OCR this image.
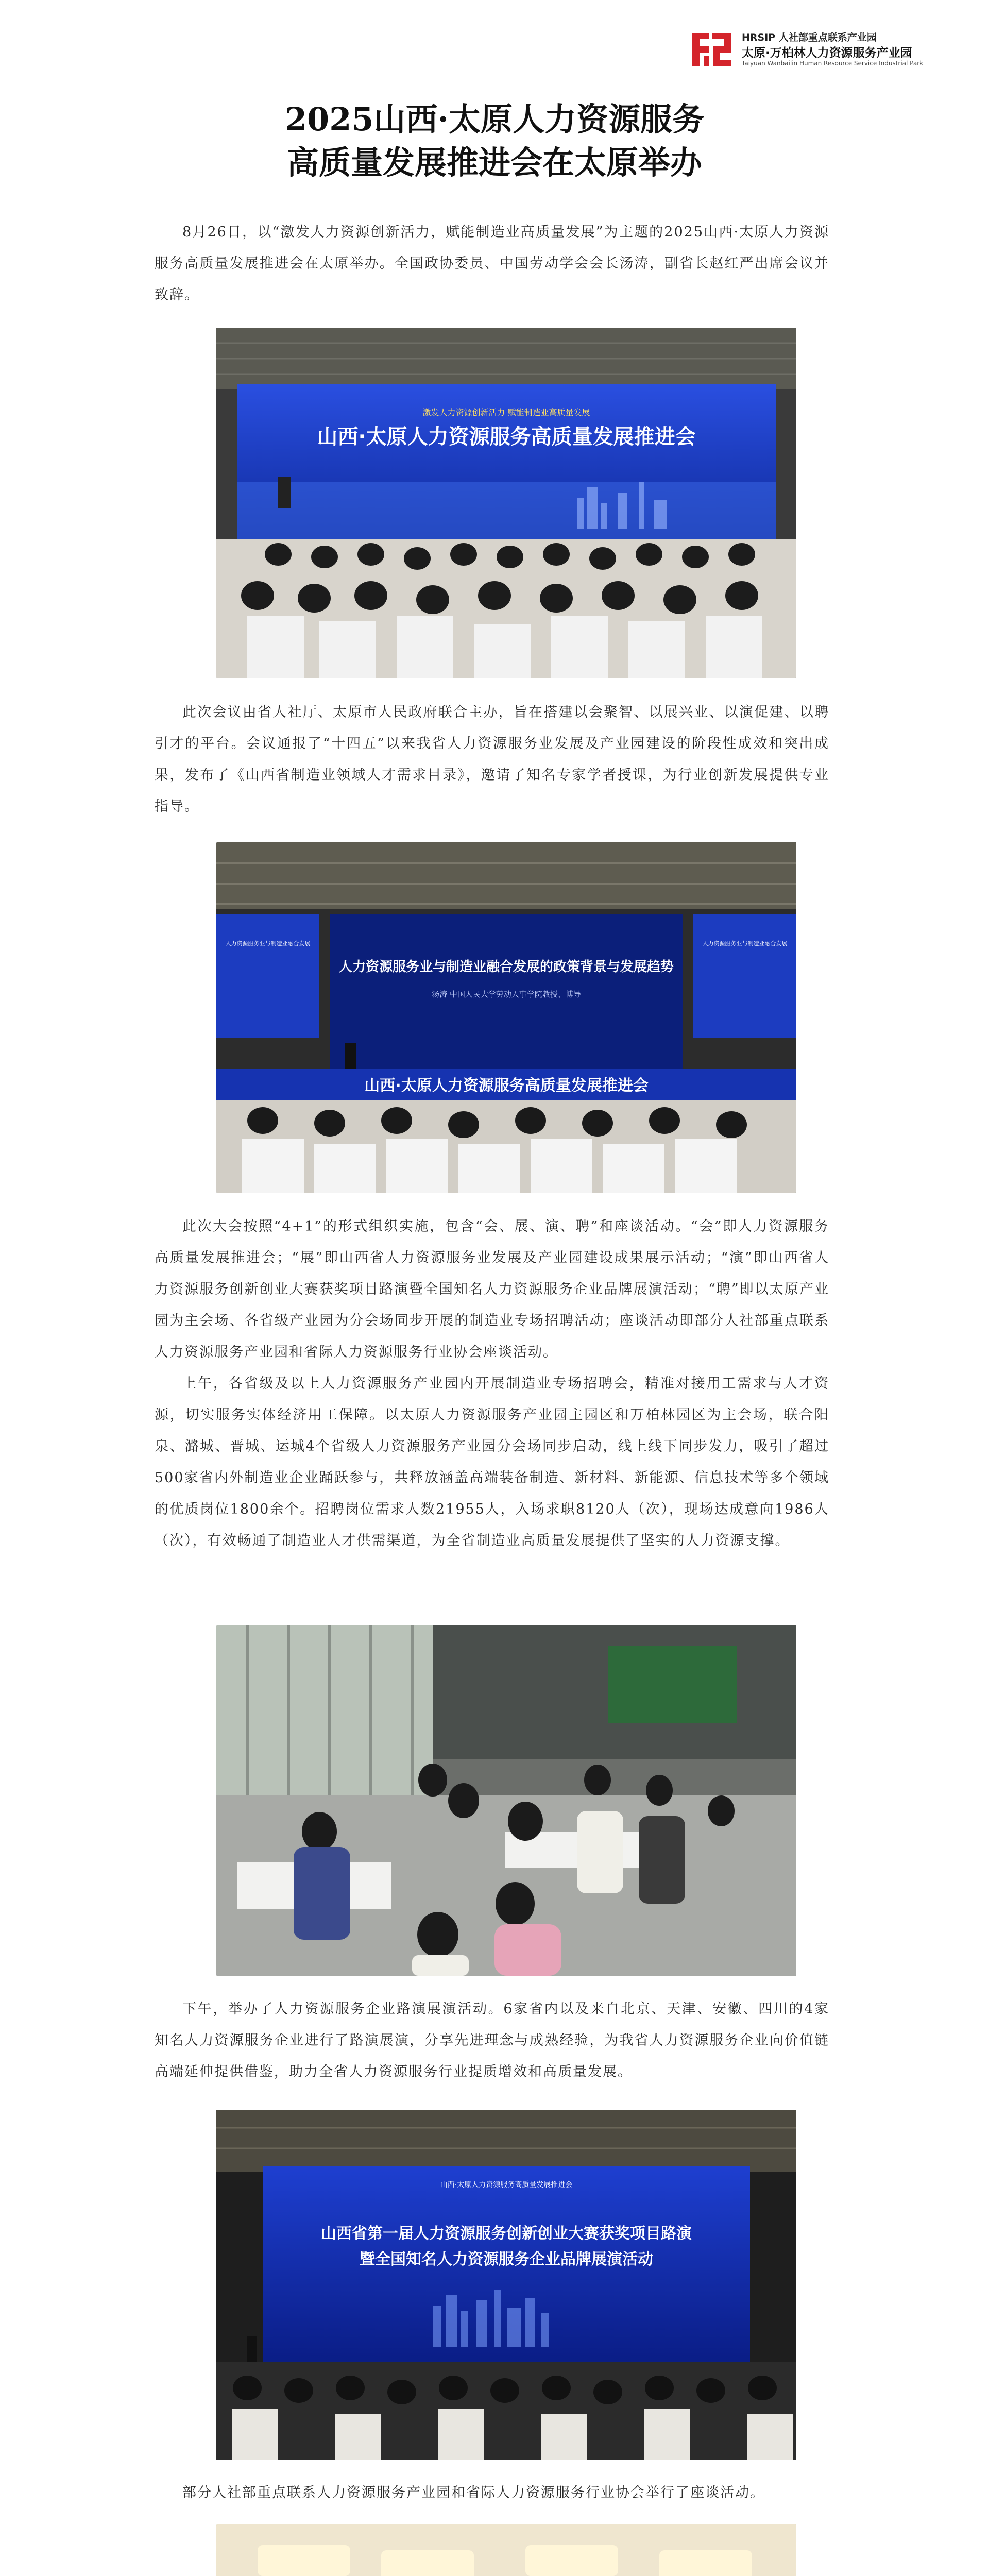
HRSIP 人社部重点联系产业园
太原·万柏林人力资源服务产业园
Taiyuan Wanbailin Human Resource Service Industrial Park
2025山西·太原人力资源服务
高质量发展推进会在太原举办

8月26日，以“激发人力资源创新活力，赋能制造业高质量发展”为主题的2025山西·太原人力资源服务高质量发展推进会在太原举办。全国政协委员、中国劳动学会会长汤涛，副省长赵红严出席会议并致辞。

激发人力资源创新活力 赋能制造业高质量发展
山西·太原人力资源服务高质量发展推进会

此次会议由省人社厅、太原市人民政府联合主办，旨在搭建以会聚智、以展兴业、以演促建、以聘引才的平台。会议通报了“十四五”以来我省人力资源服务业发展及产业园建设的阶段性成效和突出成果，发布了《山西省制造业领域人才需求目录》，邀请了知名专家学者授课，为行业创新发展提供专业指导。

人力资源服务业与制造业融合发展	人力资源服务业与制造业融合发展
人力资源服务业与制造业融合发展的政策背景与发展趋势
汤涛 中国人民大学劳动人事学院教授、博导
山西·太原人力资源服务高质量发展推进会

此次大会按照“4+1”的形式组织实施，包含“会、展、演、聘”和座谈活动。“会”即人力资源服务高质量发展推进会；“展”即山西省人力资源服务业发展及产业园建设成果展示活动；“演”即山西省人力资源服务创新创业大赛获奖项目路演暨全国知名人力资源服务企业品牌展演活动；“聘”即以太原产业园为主会场、各省级产业园为分会场同步开展的制造业专场招聘活动；座谈活动即部分人社部重点联系人力资源服务产业园和省际人力资源服务行业协会座谈活动。

上午，各省级及以上人力资源服务产业园内开展制造业专场招聘会，精准对接用工需求与人才资源，切实服务实体经济用工保障。以太原人力资源服务产业园主园区和万柏林园区为主会场，联合阳泉、潞城、晋城、运城4个省级人力资源服务产业园分会场同步启动，线上线下同步发力，吸引了超过500家省内外制造业企业踊跃参与，共释放涵盖高端装备制造、新材料、新能源、信息技术等多个领域的优质岗位1800余个。招聘岗位需求人数21955人，入场求职8120人（次），现场达成意向1986人（次），有效畅通了制造业人才供需渠道，为全省制造业高质量发展提供了坚实的人力资源支撑。

下午，举办了人力资源服务企业路演展演活动。6家省内以及来自北京、天津、安徽、四川的4家知名人力资源服务企业进行了路演展演，分享先进理念与成熟经验，为我省人力资源服务企业向价值链高端延伸提供借鉴，助力全省人力资源服务行业提质增效和高质量发展。

山西·太原人力资源服务高质量发展推进会
山西省第一届人力资源服务创新创业大赛获奖项目路演
暨全国知名人力资源服务企业品牌展演活动
部分人社部重点联系人力资源服务产业园和省际人力资源服务行业协会举行了座谈活动。
